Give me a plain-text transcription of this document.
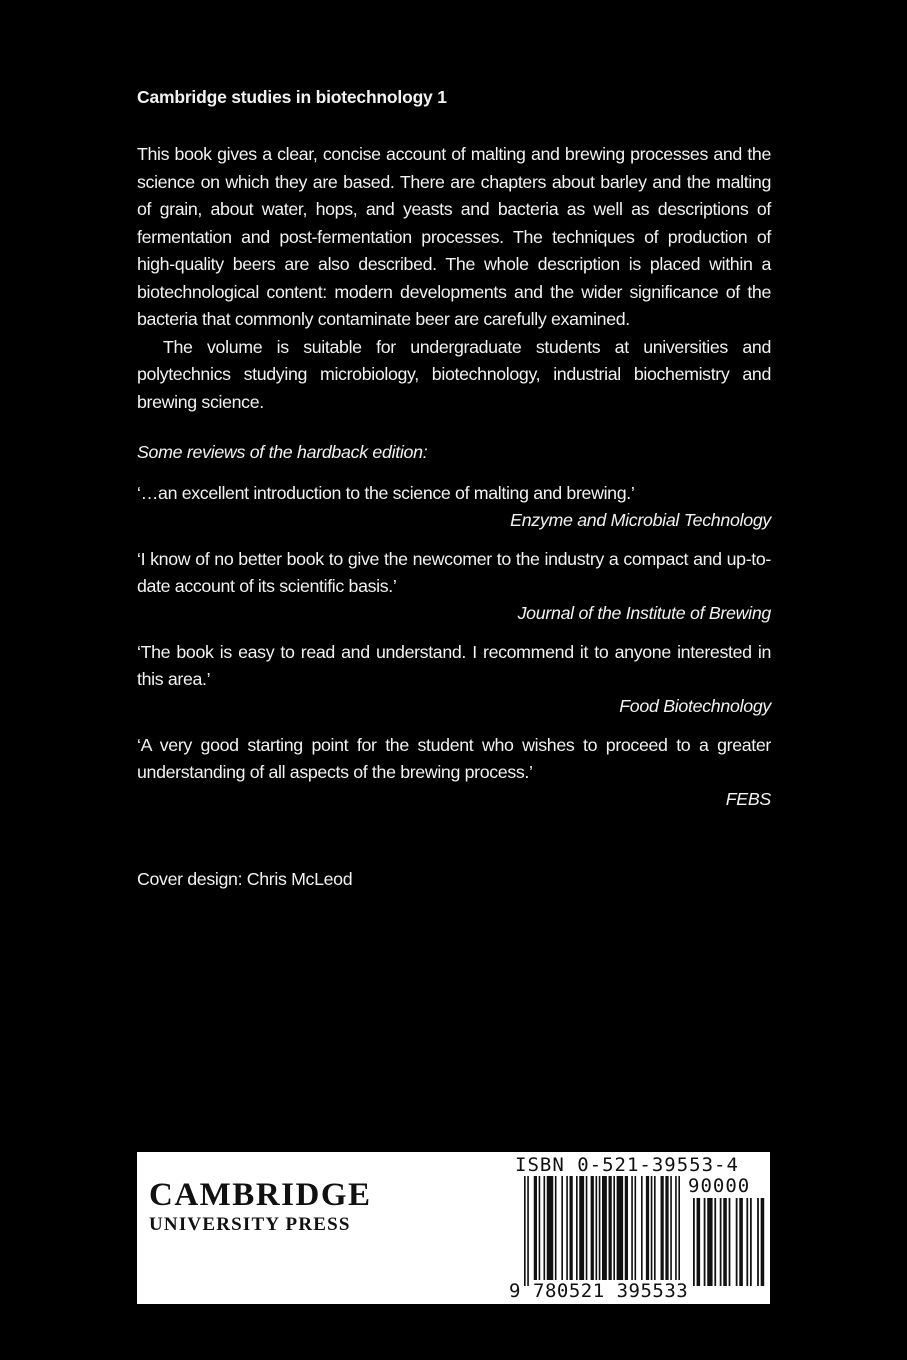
Cambridge studies in biotechnology 1

This book gives a clear, concise account of malting and brewing processes and the science on which they are based. There are chapters about barley and the malting of grain, about water, hops, and yeasts and bacteria as well as descriptions of fermentation and post-fermentation processes. The techniques of production of high-quality beers are also described. The whole description is placed within a biotechnological content: modern developments and the wider significance of the bacteria that commonly contaminate beer are carefully examined.

The volume is suitable for undergraduate students at universities and polytechnics studying microbiology, biotechnology, industrial biochemistry and brewing science.

Some reviews of the hardback edition:

‘…an excellent introduction to the science of malting and brewing.’

Enzyme and Microbial Technology

‘I know of no better book to give the newcomer to the industry a compact and up-to-date account of its scientific basis.’

Journal of the Institute of Brewing

‘The book is easy to read and understand. I recommend it to anyone interested in this area.’

Food Biotechnology

‘A very good starting point for the student who wishes to proceed to a greater understanding of all aspects of the brewing process.’

FEBS

Cover design: Chris McLeod
CAMBRIDGE
UNIVERSITY PRESS
ISBN 0-521-39553-4
90000
9 780521 395533
